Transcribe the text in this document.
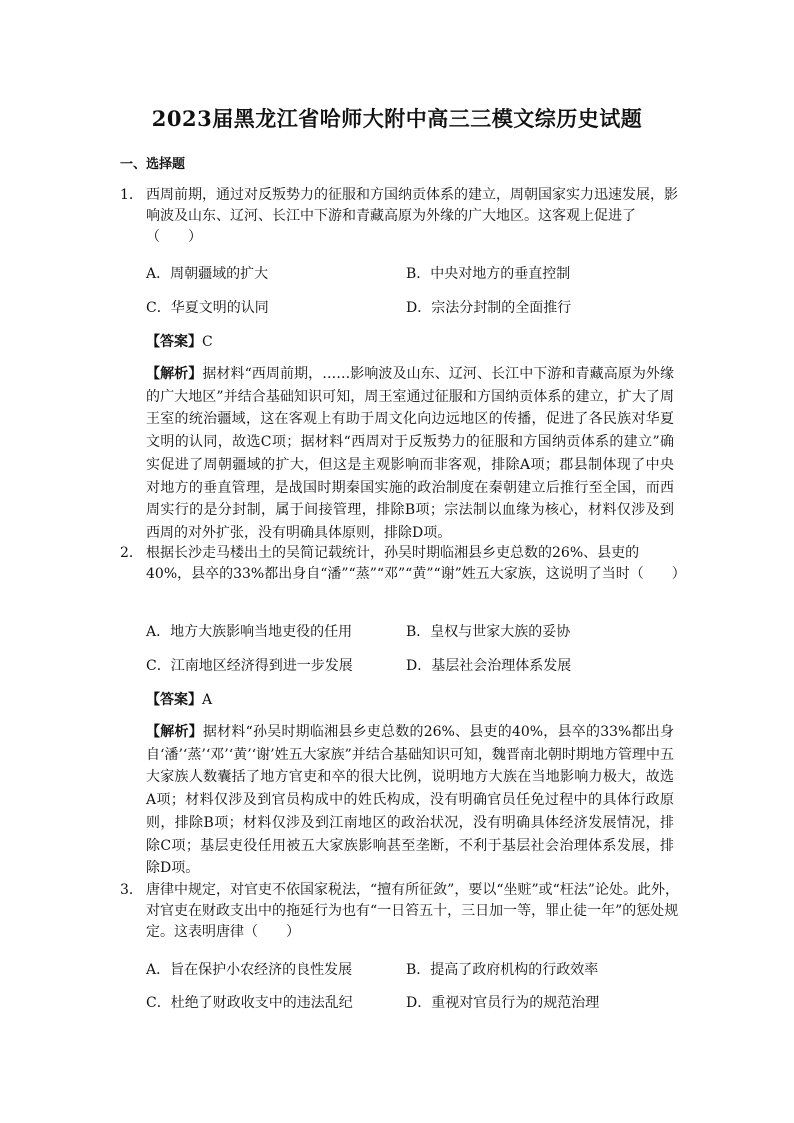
2023届黑龙江省哈师大附中高三三模文综历史试题
一、选择题
1． 西周前期，通过对反叛势力的征服和方国纳贡体系的建立，周朝国家实力迅速发展，影响波及山东、辽河、长江中下游和青藏高原为外缘的广大地区。这客观上促进了（　　）
A．周朝疆域的扩大	B．中央对地方的垂直控制
C．华夏文明的认同	D．宗法分封制的全面推行
【答案】C
【解析】据材料“西周前期，……影响波及山东、辽河、长江中下游和青藏高原为外缘的广大地区”并结合基础知识可知，周王室通过征服和方国纳贡体系的建立，扩大了周王室的统治疆域，这在客观上有助于周文化向边远地区的传播，促进了各民族对华夏文明的认同，故选C项；据材料“西周对于反叛势力的征服和方国纳贡体系的建立”确实促进了周朝疆域的扩大，但这是主观影响而非客观，排除A项；郡县制体现了中央对地方的垂直管理，是战国时期秦国实施的政治制度在秦朝建立后推行至全国，而西周实行的是分封制，属于间接管理，排除B项；宗法制以血缘为核心，材料仅涉及到西周的对外扩张，没有明确具体原则，排除D项。
2． 根据长沙走马楼出土的吴简记载统计，孙吴时期临湘县乡吏总数的26%、县吏的40%，县卒的33%都出身自“潘”“蒸”“邓”“黄”“谢”姓五大家族，这说明了当时（　　）
A．地方大族影响当地吏役的任用	B．皇权与世家大族的妥协
C．江南地区经济得到进一步发展	D．基层社会治理体系发展
【答案】A
【解析】据材料“孙吴时期临湘县乡吏总数的26%、县吏的40%，县卒的33%都出身自‘潘’‘蒸’‘邓’‘黄’‘谢’姓五大家族”并结合基础知识可知，魏晋南北朝时期地方管理中五大家族人数囊括了地方官吏和卒的很大比例，说明地方大族在当地影响力极大，故选A项；材料仅涉及到官员构成中的姓氏构成，没有明确官员任免过程中的具体行政原则，排除B项；材料仅涉及到江南地区的政治状况，没有明确具体经济发展情况，排除C项；基层吏役任用被五大家族影响甚至垄断，不利于基层社会治理体系发展，排除D项。
3． 唐律中规定，对官吏不依国家税法，“擅有所征敛”，要以“坐赃”或“枉法”论处。此外，对官吏在财政支出中的拖延行为也有“一日笞五十，三日加一等，罪止徒一年”的惩处规定。这表明唐律（　　）
A．旨在保护小农经济的良性发展	B．提高了政府机构的行政效率
C．杜绝了财政收支中的违法乱纪	D．重视对官员行为的规范治理
